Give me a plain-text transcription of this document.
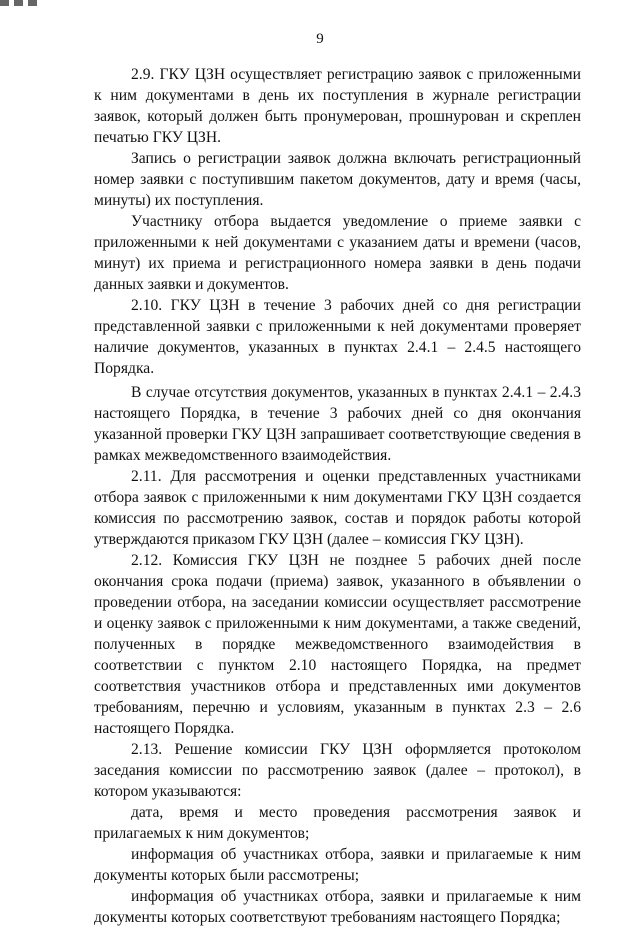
9

2.9. ГКУ ЦЗН осуществляет регистрацию заявок с приложенными к ним документами в день их поступления в журнале регистрации заявок, который должен быть пронумерован, прошнурован и скреплен печатью ГКУ ЦЗН.

Запись о регистрации заявок должна включать регистрационный номер заявки с поступившим пакетом документов, дату и время (часы, минуты) их поступления.

Участнику отбора выдается уведомление о приеме заявки с приложенными к ней документами с указанием даты и времени (часов, минут) их приема и регистрационного номера заявки в день подачи данных заявки и документов.

2.10. ГКУ ЦЗН в течение 3 рабочих дней со дня регистрации представленной заявки с приложенными к ней документами проверяет наличие документов, указанных в пунктах 2.4.1 – 2.4.5 настоящего Порядка.

В случае отсутствия документов, указанных в пунктах 2.4.1 – 2.4.3 настоящего Порядка, в течение 3 рабочих дней со дня окончания указанной проверки ГКУ ЦЗН запрашивает соответствующие сведения в рамках межведомственного взаимодействия.

2.11. Для рассмотрения и оценки представленных участниками отбора заявок с приложенными к ним документами ГКУ ЦЗН создается комиссия по рассмотрению заявок, состав и порядок работы которой утверждаются приказом ГКУ ЦЗН (далее – комиссия ГКУ ЦЗН).

2.12. Комиссия ГКУ ЦЗН не позднее 5 рабочих дней после окончания срока подачи (приема) заявок, указанного в объявлении о проведении отбора, на заседании комиссии осуществляет рассмотрение и оценку заявок с приложенными к ним документами, а также сведений, полученных в порядке межведомственного взаимодействия в соответствии с пунктом 2.10 настоящего Порядка, на предмет соответствия участников отбора и представленных ими документов требованиям, перечню и условиям, указанным в пунктах 2.3 – 2.6 настоящего Порядка.

2.13. Решение комиссии ГКУ ЦЗН оформляется протоколом заседания комиссии по рассмотрению заявок (далее – протокол), в котором указываются:

дата, время и место проведения рассмотрения заявок и прилагаемых к ним документов;

информация об участниках отбора, заявки и прилагаемые к ним документы которых были рассмотрены;

информация об участниках отбора, заявки и прилагаемые к ним документы которых соответствуют требованиям настоящего Порядка;
